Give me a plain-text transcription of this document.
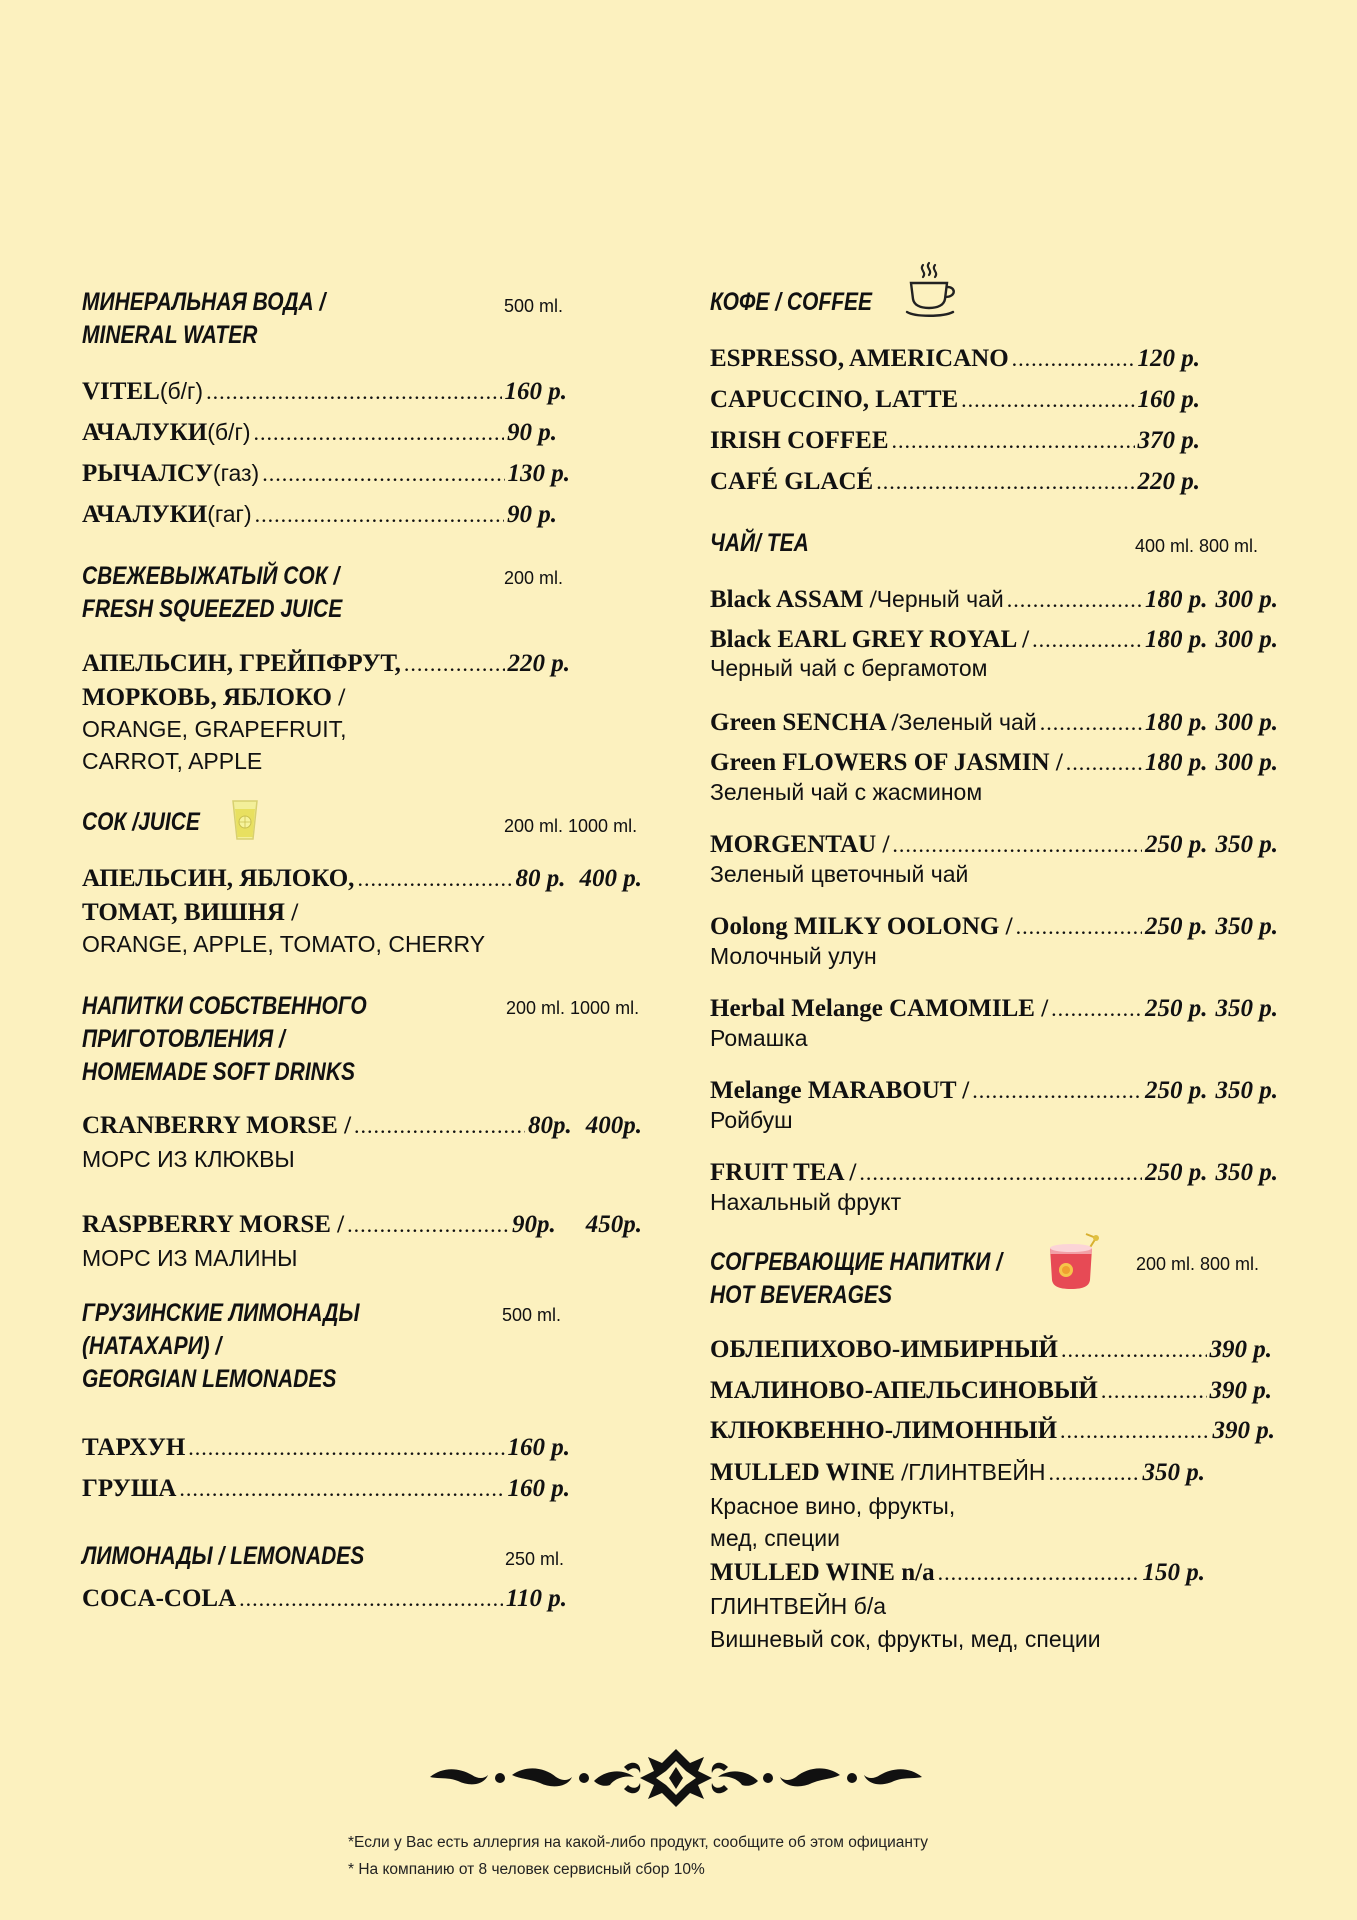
МИНЕРАЛЬНАЯ ВОДА /
MINERAL WATER
500 ml.
VITEL (б/г) .....	160 р.
АЧАЛУКИ (б/г) .....	90 р.
РЫЧАЛСУ (газ) .....	130 р.
АЧАЛУКИ (гаг) .....	90 р.
СВЕЖЕВЫЖАТЫЙ СОК /
FRESH SQUEEZED JUICE
200 ml.
АПЕЛЬСИН, ГРЕЙПФРУТ, .....	220 р.
МОРКОВЬ, ЯБЛОКО /
ORANGE, GRAPEFRUIT,
CARROT, APPLE
СОК /JUICE	200 ml. 1000 ml.
АПЕЛЬСИН, ЯБЛОКО, .....	80 р. 400 р.
ТОМАТ, ВИШНЯ /
ORANGE, APPLE, TOMATO, CHERRY
НАПИТКИ СОБСТВЕННОГО
ПРИГОТОВЛЕНИЯ /
HOMEMADE SOFT DRINKS
200 ml. 1000 ml.
CRANBERRY MORSE / .....	80р. 400р.
МОРС ИЗ КЛЮКВЫ
RASPBERRY MORSE / .....	90р. 450р.
МОРС ИЗ МАЛИНЫ
ГРУЗИНСКИЕ ЛИМОНАДЫ
(НАТАХАРИ) /
GEORGIAN LEMONADES
500 ml.
ТАРХУН .....	160 р.
ГРУША .....	160 р.
ЛИМОНАДЫ / LEMONADES	250 ml.
COCA-COLA .....	110 р.
КОФЕ / COFFEE
ESPRESSO, AMERICANO .....	120 р.
CAPUCCINO, LATTE .....	160 р.
IRISH COFFEE .....	370 р.
CAFÉ GLACÉ .....	220 р.
ЧАЙ/ TEA	400 ml. 800 ml.
Black ASSAM / Черный чай .....	180 р. 300 р.
Black EARL GREY ROYAL / .....	180 р. 300 р.
Черный чай с бергамотом
Green SENCHA / Зеленый чай .....	180 р. 300 р.
Green FLOWERS OF JASMIN / .....	180 р. 300 р.
Зеленый чай с жасмином
MORGENTAU / .....	250 р. 350 р.
Зеленый цветочный чай
Oolong MILKY OOLONG / .....	250 р. 350 р.
Молочный улун
Herbal Melange CAMOMILE / .....	250 р. 350 р.
Ромашка
Melange MARABOUT / .....	250 р. 350 р.
Ройбуш
FRUIT TEA / .....	250 р. 350 р.
Нахальный фрукт
СОГРЕВАЮЩИЕ НАПИТКИ /
HOT BEVERAGES
200 ml. 800 ml.
ОБЛЕПИХОВО-ИМБИРНЫЙ .....	390 р.
МАЛИНОВО-АПЕЛЬСИНОВЫЙ .....	390 р.
КЛЮКВЕННО-ЛИМОННЫЙ .....	390 р.
MULLED WINE / ГЛИНТВЕЙН .....	350 р.
Красное вино, фрукты,
мед, специи
MULLED WINE n/a .....	150 р.
ГЛИНТВЕЙН б/а
Вишневый сок, фрукты, мед, специи
*Если у Вас есть аллергия на какой-либо продукт, сообщите об этом официанту
* На компанию от 8 человек сервисный сбор 10%
